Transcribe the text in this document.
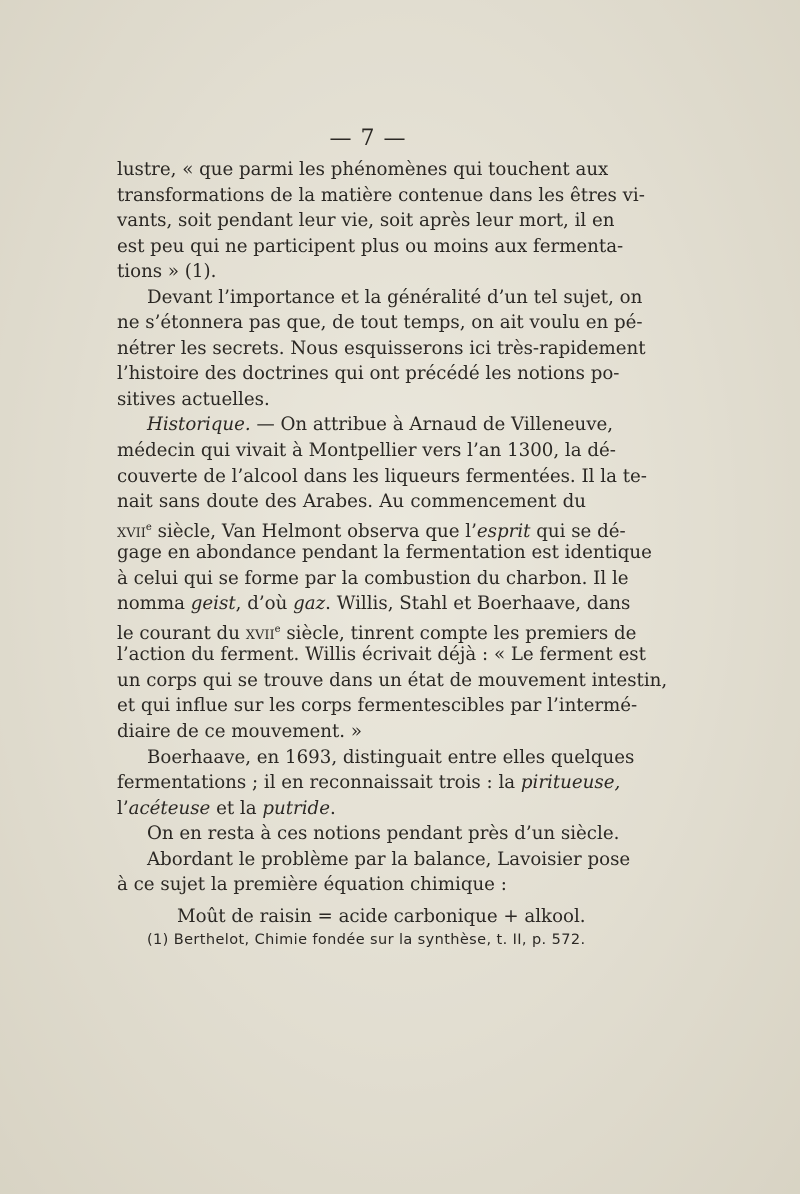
— 7 —
lustre, « que parmi les phénomènes qui touchent aux
transformations de la matière contenue dans les êtres vi-
vants, soit pendant leur vie, soit après leur mort, il en
est peu qui ne participent plus ou moins aux fermenta-
tions » (1).
Devant l’importance et la généralité d’un tel sujet, on
ne s’étonnera pas que, de tout temps, on ait voulu en pé-
nétrer les secrets. Nous esquisserons ici très-rapidement
l’histoire des doctrines qui ont précédé les notions po-
sitives actuelles.
Historique. — On attribue à Arnaud de Villeneuve,
médecin qui vivait à Montpellier vers l’an 1300, la dé-
couverte de l’alcool dans les liqueurs fermentées. Il la te-
nait sans doute des Arabes. Au commencement du
xvii$^e$ siècle, Van Helmont observa que l’esprit qui se dé-
gage en abondance pendant la fermentation est identique
à celui qui se forme par la combustion du charbon. Il le
nomma geist, d’où gaz. Willis, Stahl et Boerhaave, dans
le courant du xvii$^e$ siècle, tinrent compte les premiers de
l’action du ferment. Willis écrivait déjà : « Le ferment est
un corps qui se trouve dans un état de mouvement intestin,
et qui influe sur les corps fermentescibles par l’intermé-
diaire de ce mouvement. »
Boerhaave, en 1693, distinguait entre elles quelques
fermentations ; il en reconnaissait trois : la piritueuse,
l’acéteuse et la putride.
On en resta à ces notions pendant près d’un siècle.
Abordant le problème par la balance, Lavoisier pose
à ce sujet la première équation chimique :
Moût de raisin = acide carbonique + alkool.
(1) Berthelot, Chimie fondée sur la synthèse, t. II, p. 572.
